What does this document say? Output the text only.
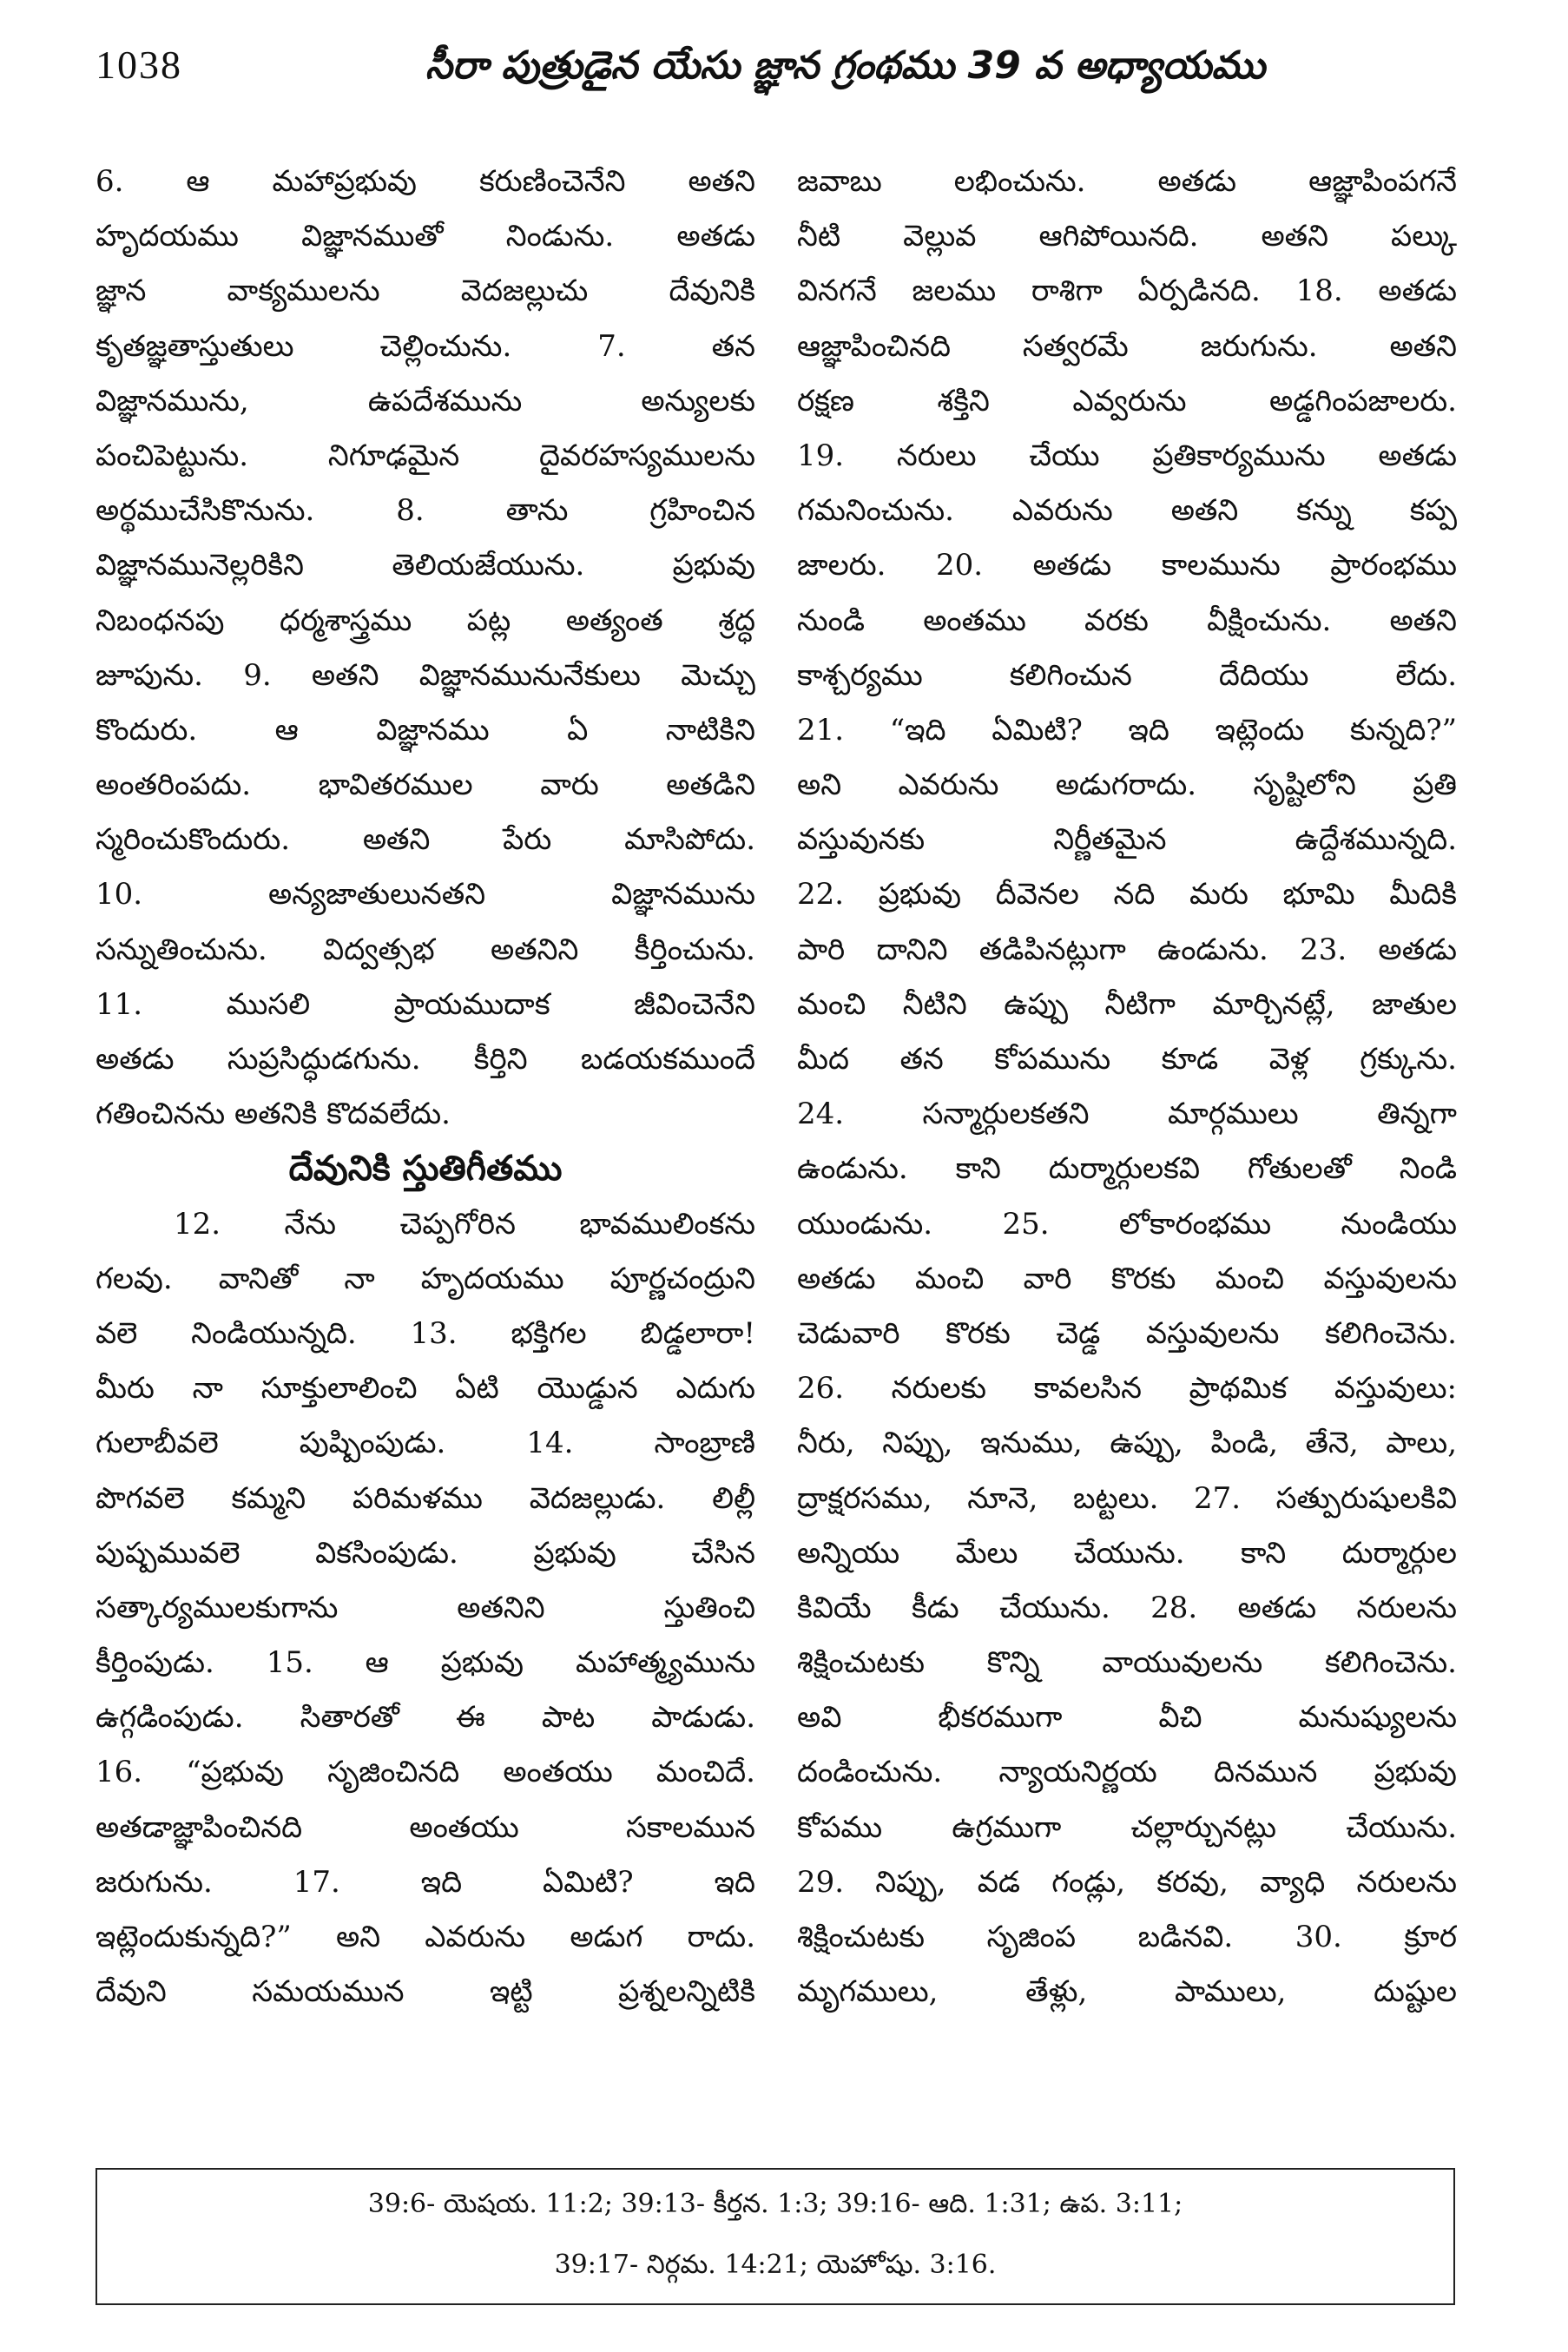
1038	సీరా పుత్రుడైన యేసు జ్ఞాన గ్రంథము 39 వ అధ్యాయము
6. ఆ మహాప్రభువు కరుణించెనేని అతని
హృదయము విజ్ఞానముతో నిండును. అతడు
జ్ఞాన వాక్యములను వెదజల్లుచు దేవునికి
కృతజ్ఞతాస్తుతులు చెల్లించును. 7. తన
విజ్ఞానమును, ఉపదేశమును అన్యులకు
పంచిపెట్టును. నిగూఢమైన దైవరహస్యములను
అర్థముచేసికొనును. 8. తాను గ్రహించిన
విజ్ఞానమునెల్లరికిని తెలియజేయును. ప్రభువు
నిబంధనపు ధర్మశాస్త్రము పట్ల అత్యంత శ్రద్ధ
జూపును. 9. అతని విజ్ఞానమునునేకులు మెచ్చు
కొందురు. ఆ విజ్ఞానము ఏ నాటికిని
అంతరింపదు. భావితరముల వారు అతడిని
స్మరించుకొందురు. అతని పేరు మాసిపోదు.
10. అన్యజాతులునతని విజ్ఞానమును
సన్నుతించును. విద్వత్సభ అతనిని కీర్తించును.
11. ముసలి ప్రాయముదాక జీవించెనేని
అతడు సుప్రసిద్ధుడగును. కీర్తిని బడయకముందే
గతించినను అతనికి కొదవలేదు.
దేవునికి స్తుతిగీతము
12. నేను చెప్పగోరిన భావములింకను
గలవు. వానితో నా హృదయము పూర్ణచంద్రుని
వలె నిండియున్నది. 13. భక్తిగల బిడ్డలారా!
మీరు నా సూక్తులాలించి ఏటి యొడ్డున ఎదుగు
గులాబీవలె పుష్పింపుడు. 14. సాంబ్రాణి
పొగవలె కమ్మని పరిమళము వెదజల్లుడు. లిల్లీ
పుష్పమువలె వికసింపుడు. ప్రభువు చేసిన
సత్కార్యములకుగాను అతనిని స్తుతించి
కీర్తింపుడు. 15. ఆ ప్రభువు మహాత్మ్యమును
ఉగ్గడింపుడు. సితారతో ఈ పాట పాడుడు.
16. “ప్రభువు సృజించినది అంతయు మంచిదే.
అతడాజ్ఞాపించినది అంతయు సకాలమున
జరుగును. 17. ఇది ఏమిటి? ఇది
ఇట్లెందుకున్నది?” అని ఎవరును అడుగ రాదు.
దేవుని సమయమున ఇట్టి ప్రశ్నలన్నిటికి
జవాబు లభించును. అతడు ఆజ్ఞాపింపగనే
నీటి వెల్లువ ఆగిపోయినది. అతని పల్కు
వినగనే జలము రాశిగా ఏర్పడినది. 18. అతడు
ఆజ్ఞాపించినది సత్వరమే జరుగును. అతని
రక్షణ శక్తిని ఎవ్వరును అడ్డగింపజాలరు.
19. నరులు చేయు ప్రతికార్యమును అతడు
గమనించును. ఎవరును అతని కన్ను కప్ప
జాలరు. 20. అతడు కాలమును ప్రారంభము
నుండి అంతము వరకు వీక్షించును. అతని
కాశ్చర్యము కలిగించున దేదియు లేదు.
21. “ఇది ఏమిటి? ఇది ఇట్లెందు కున్నది?”
అని ఎవరును అడుగరాదు. సృష్టిలోని ప్రతి
వస్తువునకు నిర్ణీతమైన ఉద్దేశమున్నది.
22. ప్రభువు దీవెనల నది మరు భూమి మీదికి
పారి దానిని తడిపినట్లుగా ఉండును. 23. అతడు
మంచి నీటిని ఉప్పు నీటిగా మార్చినట్లే, జాతుల
మీద తన కోపమును కూడ వెళ్ల గ్రక్కును.
24. సన్మార్గులకతని మార్గములు తిన్నగా
ఉండును. కాని దుర్మార్గులకవి గోతులతో నిండి
యుండును. 25. లోకారంభము నుండియు
అతడు మంచి వారి కొరకు మంచి వస్తువులను
చెడువారి కొరకు చెడ్డ వస్తువులను కలిగించెను.
26. నరులకు కావలసిన ప్రాథమిక వస్తువులు:
నీరు, నిప్పు, ఇనుము, ఉప్పు, పిండి, తేనె, పాలు,
ద్రాక్షరసము, నూనె, బట్టలు. 27. సత్పురుషులకివి
అన్నియు మేలు చేయును. కాని దుర్మార్గుల
కివియే కీడు చేయును. 28. అతడు నరులను
శిక్షించుటకు కొన్ని వాయువులను కలిగించెను.
అవి భీకరముగా వీచి మనుష్యులను
దండించును. న్యాయనిర్ణయ దినమున ప్రభువు
కోపము ఉగ్రముగా చల్లార్చునట్లు చేయును.
29. నిప్పు, వడ గండ్లు, కరవు, వ్యాధి నరులను
శిక్షించుటకు సృజింప బడినవి. 30. క్రూర
మృగములు, తేళ్లు, పాములు, దుష్టుల
39:6- యెషయ. 11:2; 39:13- కీర్తన. 1:3; 39:16- ఆది. 1:31; ఉప. 3:11;
39:17- నిర్గమ. 14:21; యెహోషు. 3:16.
